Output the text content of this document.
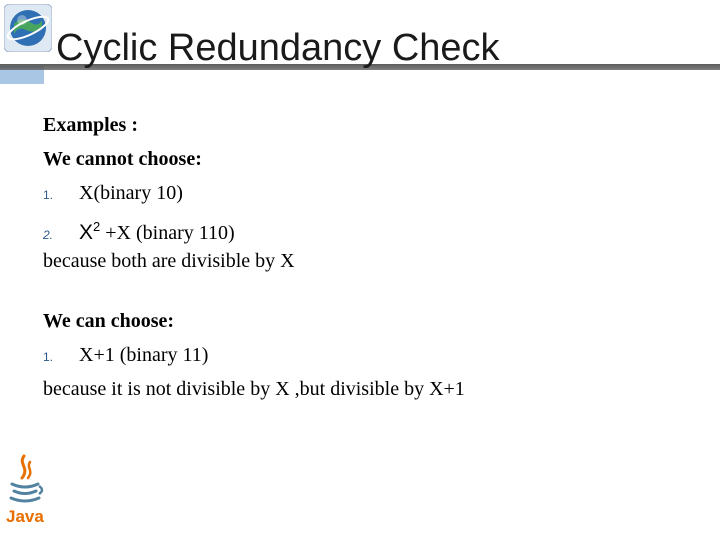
Cyclic Redundancy Check
Examples :
We cannot choose:
1.	X(binary 10)
2.	$X^2 +X$ (binary 110)
because both are divisible by X
We can choose:
1.	X+1 (binary 11)
because it is not divisible by X ,but divisible by X+1
Java
